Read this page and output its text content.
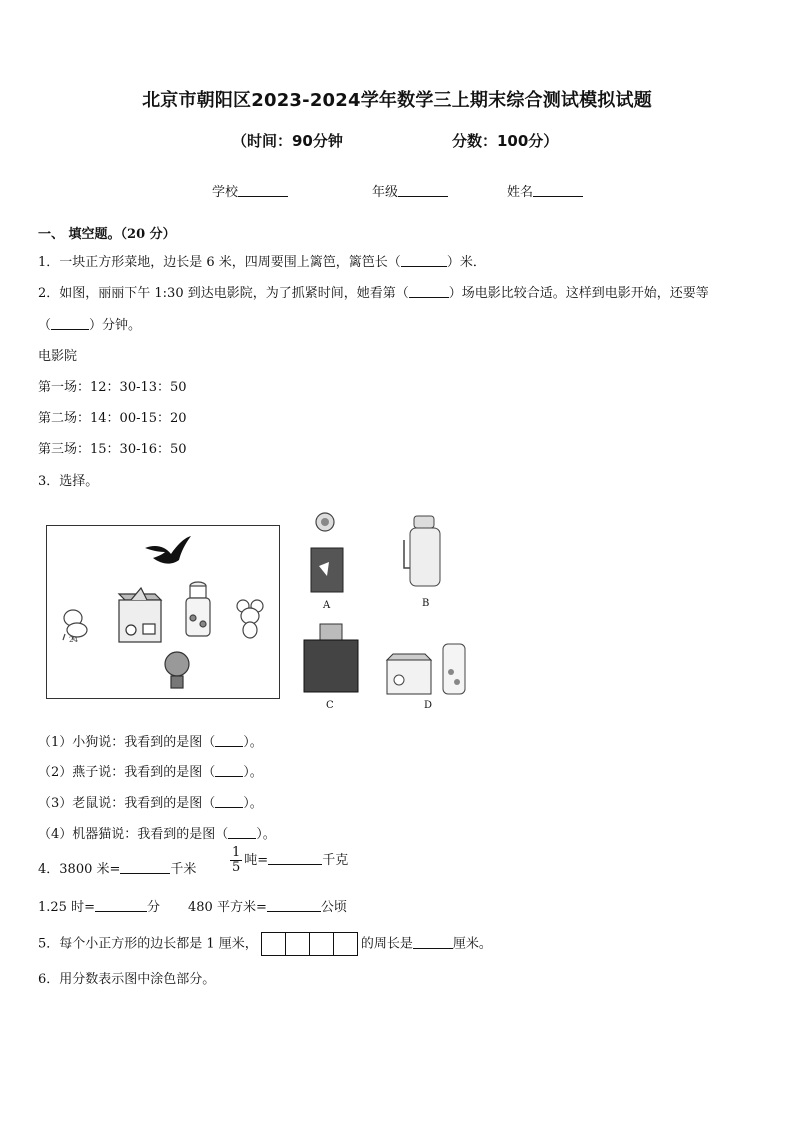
北京市朝阳区2023-2024学年数学三上期末综合测试模拟试题
（时间：90分钟	分数：100分）
学校	年级	姓名
一、 填空题。（20 分）
1．一块正方形菜地，边长是 6 米，四周要围上篱笆，篱笆长（	）米．
2．如图，丽丽下午 1:30 到达电影院，为了抓紧时间，她看第（	）场电影比较合适。这样到电影开始，还要等
（	）分钟。
电影院
第一场：12：30-13：50
第二场：14：00-15：20
第三场：15：30-16：50
3．选择。
24
A	B
C	D
（1）小狗说：我看到的是图（ ）。
（2）燕子说：我看到的是图（ ）。
（3）老鼠说：我看到的是图（ ）。
（4）机器猫说：我看到的是图（ ）。
4．3800 米=	千米	$\frac{1}{5}$ 吨=	千克
1.25 时=	分 480 平方米=	公顷
5．每个小正方形的边长都是 1 厘米，	的周长是	厘米。
6．用分数表示图中涂色部分。
